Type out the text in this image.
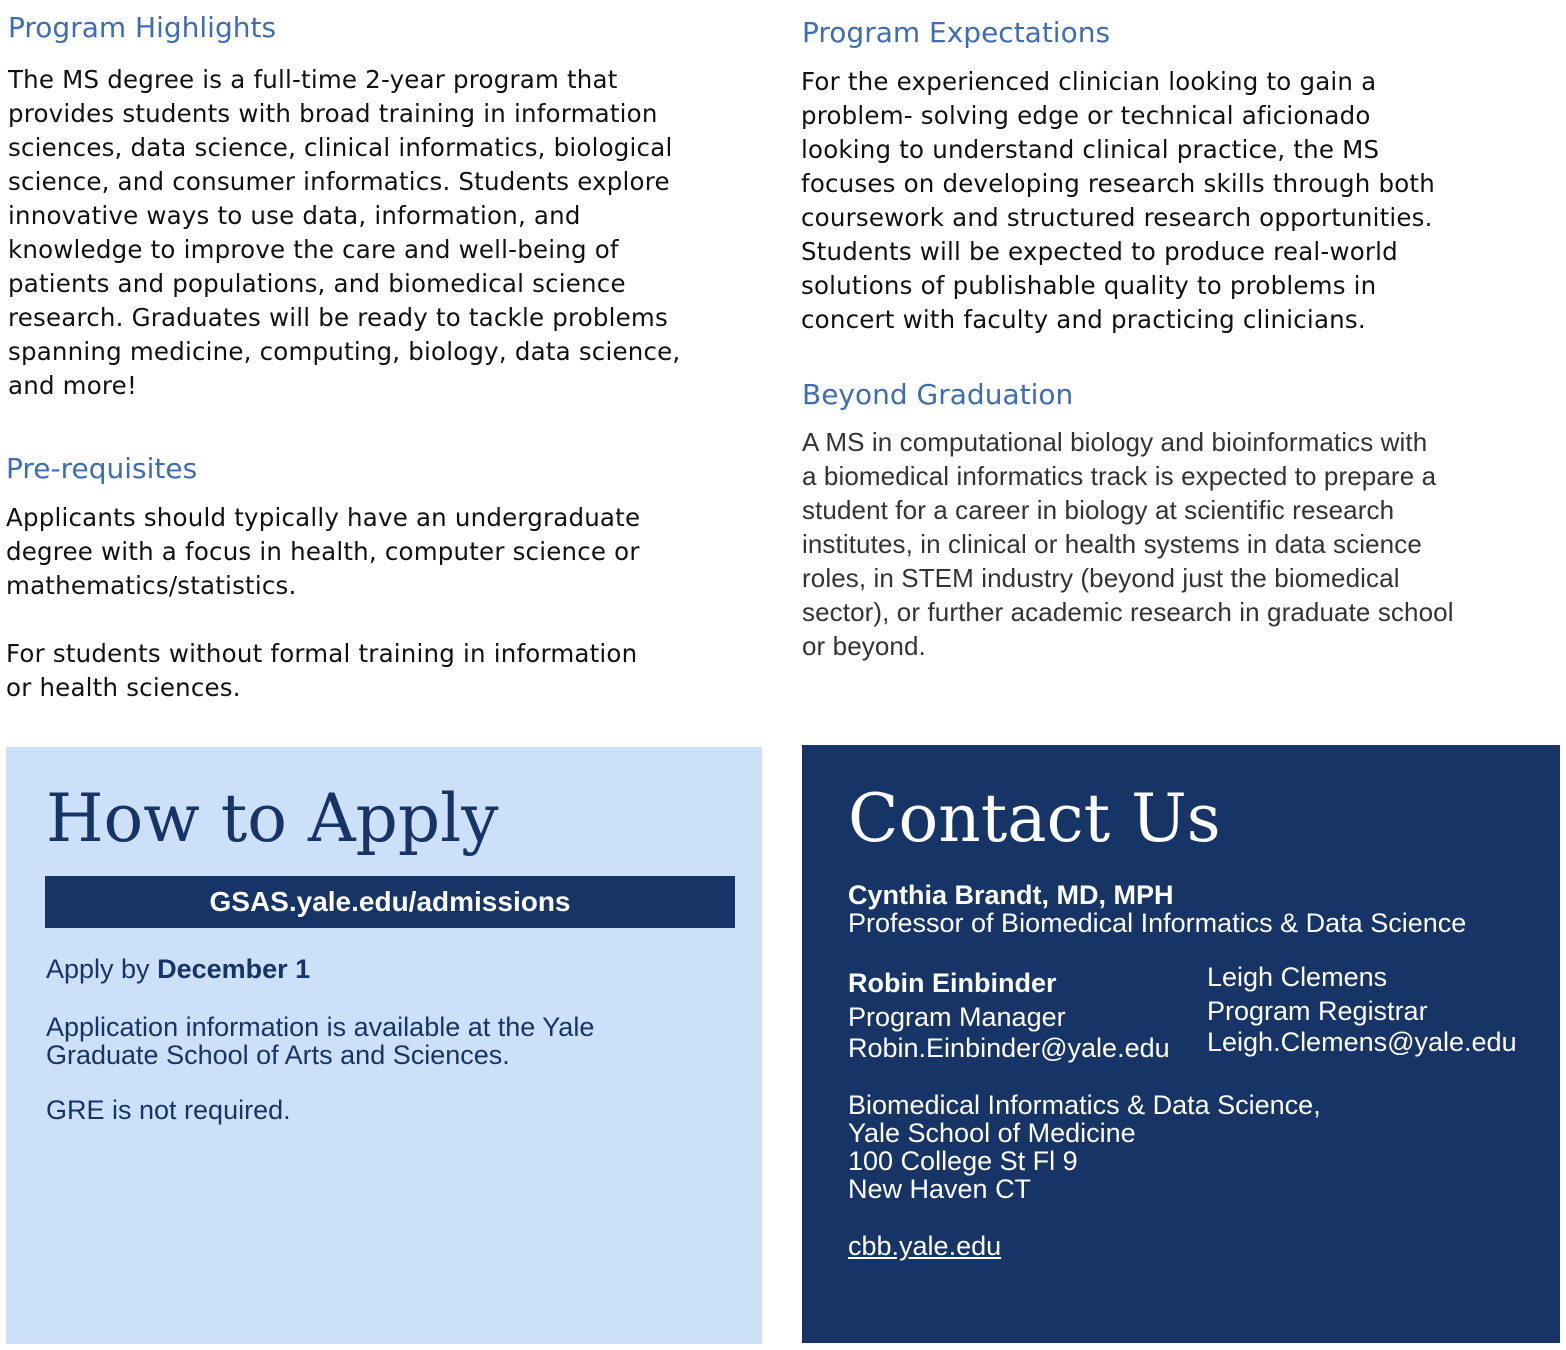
Program Highlights

The MS degree is a full-time 2-year program that

provides students with broad training in information

sciences, data science, clinical informatics, biological

science, and consumer informatics. Students explore

innovative ways to use data, information, and

knowledge to improve the care and well-being of

patients and populations, and biomedical science

research. Graduates will be ready to tackle problems

spanning medicine, computing, biology, data science,

and more!

Pre-requisites

Applicants should typically have an undergraduate

degree with a focus in health, computer science or

mathematics/statistics.

For students without formal training in information

or health sciences.

Program Expectations

For the experienced clinician looking to gain a

problem- solving edge or technical aficionado

looking to understand clinical practice, the MS

focuses on developing research skills through both

coursework and structured research opportunities.

Students will be expected to produce real-world

solutions of publishable quality to problems in

concert with faculty and practicing clinicians.

Beyond Graduation

A MS in computational biology and bioinformatics with

a biomedical informatics track is expected to prepare a

student for a career in biology at scientific research

institutes, in clinical or health systems in data science

roles, in STEM industry (beyond just the biomedical

sector), or further academic research in graduate school

or beyond.

How to Apply
GSAS.yale.edu/admissions

Apply by December 1

Application information is available at the Yale
Graduate School of Arts and Sciences.

GRE is not required.

Contact Us

Cynthia Brandt, MD, MPH

Professor of Biomedical Informatics & Data Science

Robin Einbinder

Program Manager

Robin.Einbinder@yale.edu

Leigh Clemens

Program Registrar

Leigh.Clemens@yale.edu

Biomedical Informatics & Data Science,
Yale School of Medicine
100 College St Fl 9
New Haven CT

cbb.yale.edu
